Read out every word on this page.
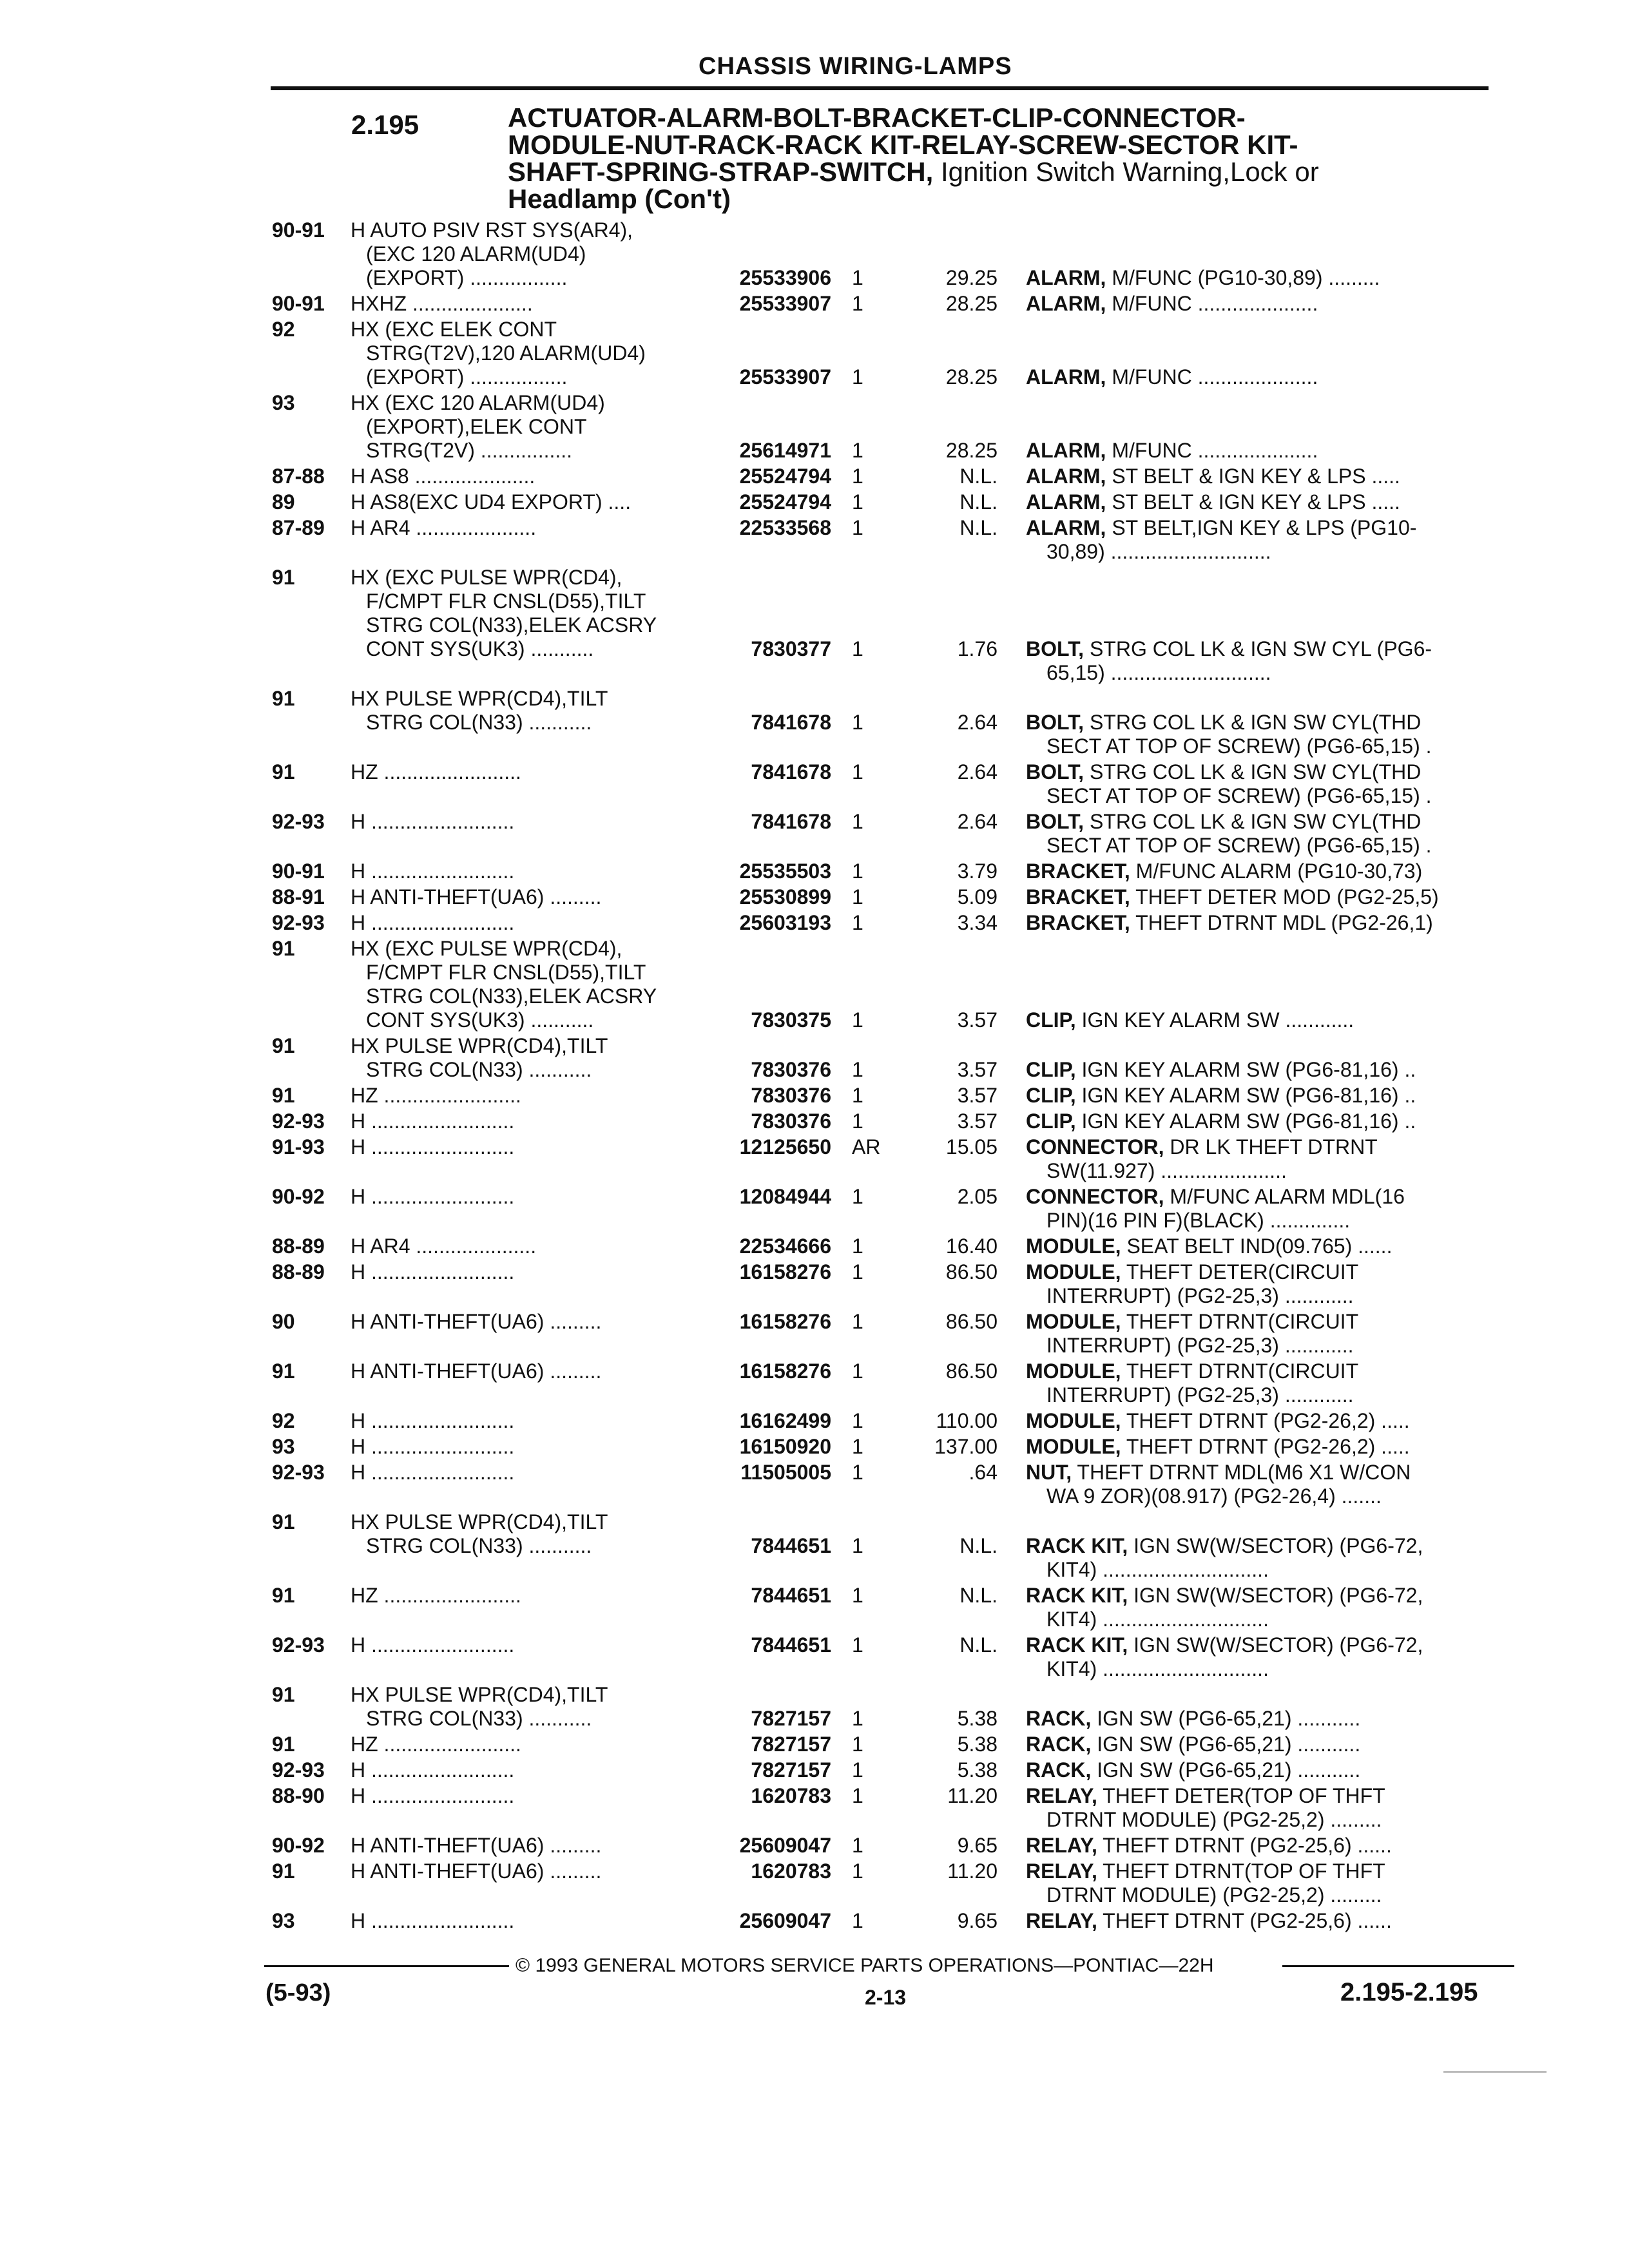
CHASSIS WIRING-LAMPS
2.195	ACTUATOR-ALARM-BOLT-BRACKET-CLIP-CONNECTOR-
MODULE-NUT-RACK-RACK KIT-RELAY-SCREW-SECTOR KIT-
SHAFT-SPRING-STRAP-SWITCH, Ignition Switch Warning,Lock or
Headlamp (Con't)
90-91 H AUTO PSIV RST SYS(AR4),
(EXC 120 ALARM(UD4)
(EXPORT) .................	25533906 1	29.25 ALARM, M/FUNC (PG10-30,89) .........
90-91 HXHZ .....................	25533907 1	28.25 ALARM, M/FUNC .....................
92	HX (EXC ELEK CONT
STRG(T2V),120 ALARM(UD4)
(EXPORT) .................	25533907 1	28.25 ALARM, M/FUNC .....................
93	HX (EXC 120 ALARM(UD4)
(EXPORT),ELEK CONT
STRG(T2V) ................	25614971 1	28.25 ALARM, M/FUNC .....................
87-88 H AS8 .....................	25524794 1	N.L. ALARM, ST BELT & IGN KEY & LPS .....
89	H AS8(EXC UD4 EXPORT) ....	25524794 1	N.L. ALARM, ST BELT & IGN KEY & LPS .....
87-89 H AR4 .....................	22533568 1	N.L. ALARM, ST BELT,IGN KEY & LPS (PG10-
30,89) ............................
91	HX (EXC PULSE WPR(CD4),
F/CMPT FLR CNSL(D55),TILT
STRG COL(N33),ELEK ACSRY
CONT SYS(UK3) ...........	7830377 1	1.76 BOLT, STRG COL LK & IGN SW CYL (PG6-
65,15) ............................
91	HX PULSE WPR(CD4),TILT
STRG COL(N33) ...........	7841678 1	2.64 BOLT, STRG COL LK & IGN SW CYL(THD
SECT AT TOP OF SCREW) (PG6-65,15) .
91	HZ ........................	7841678 1	2.64 BOLT, STRG COL LK & IGN SW CYL(THD
SECT AT TOP OF SCREW) (PG6-65,15) .
92-93 H .........................	7841678 1	2.64 BOLT, STRG COL LK & IGN SW CYL(THD
SECT AT TOP OF SCREW) (PG6-65,15) .
90-91 H .........................	25535503 1	3.79 BRACKET, M/FUNC ALARM (PG10-30,73)
88-91 H ANTI-THEFT(UA6) .........	25530899 1	5.09 BRACKET, THEFT DETER MOD (PG2-25,5)
92-93 H .........................	25603193 1	3.34 BRACKET, THEFT DTRNT MDL (PG2-26,1)
91	HX (EXC PULSE WPR(CD4),
F/CMPT FLR CNSL(D55),TILT
STRG COL(N33),ELEK ACSRY
CONT SYS(UK3) ...........	7830375 1	3.57 CLIP, IGN KEY ALARM SW ............
91	HX PULSE WPR(CD4),TILT
STRG COL(N33) ...........	7830376 1	3.57 CLIP, IGN KEY ALARM SW (PG6-81,16) ..
91	HZ ........................	7830376 1	3.57 CLIP, IGN KEY ALARM SW (PG6-81,16) ..
92-93 H .........................	7830376 1	3.57 CLIP, IGN KEY ALARM SW (PG6-81,16) ..
91-93 H .........................	12125650 AR	15.05 CONNECTOR, DR LK THEFT DTRNT
SW(11.927) ......................
90-92 H .........................	12084944 1	2.05 CONNECTOR, M/FUNC ALARM MDL(16
PIN)(16 PIN F)(BLACK) ..............
88-89 H AR4 .....................	22534666 1	16.40 MODULE, SEAT BELT IND(09.765) ......
88-89 H .........................	16158276 1	86.50 MODULE, THEFT DETER(CIRCUIT
INTERRUPT) (PG2-25,3) ............
90	H ANTI-THEFT(UA6) .........	16158276 1	86.50 MODULE, THEFT DTRNT(CIRCUIT
INTERRUPT) (PG2-25,3) ............
91	H ANTI-THEFT(UA6) .........	16158276 1	86.50 MODULE, THEFT DTRNT(CIRCUIT
INTERRUPT) (PG2-25,3) ............
92	H .........................	16162499 1	110.00 MODULE, THEFT DTRNT (PG2-26,2) .....
93	H .........................	16150920 1	137.00 MODULE, THEFT DTRNT (PG2-26,2) .....
92-93 H .........................	11505005 1	.64 NUT, THEFT DTRNT MDL(M6 X1 W/CON
WA 9 ZOR)(08.917) (PG2-26,4) .......
91	HX PULSE WPR(CD4),TILT
STRG COL(N33) ...........	7844651 1	N.L. RACK KIT, IGN SW(W/SECTOR) (PG6-72,
KIT4) .............................
91	HZ ........................	7844651 1	N.L. RACK KIT, IGN SW(W/SECTOR) (PG6-72,
KIT4) .............................
92-93 H .........................	7844651 1	N.L. RACK KIT, IGN SW(W/SECTOR) (PG6-72,
KIT4) .............................
91	HX PULSE WPR(CD4),TILT
STRG COL(N33) ...........	7827157 1	5.38 RACK, IGN SW (PG6-65,21) ...........
91	HZ ........................	7827157 1	5.38 RACK, IGN SW (PG6-65,21) ...........
92-93 H .........................	7827157 1	5.38 RACK, IGN SW (PG6-65,21) ...........
88-90 H .........................	1620783 1	11.20 RELAY, THEFT DETER(TOP OF THFT
DTRNT MODULE) (PG2-25,2) .........
90-92 H ANTI-THEFT(UA6) .........	25609047 1	9.65 RELAY, THEFT DTRNT (PG2-25,6) ......
91	H ANTI-THEFT(UA6) .........	1620783 1	11.20 RELAY, THEFT DTRNT(TOP OF THFT
DTRNT MODULE) (PG2-25,2) .........
93	H .........................	25609047 1	9.65 RELAY, THEFT DTRNT (PG2-25,6) ......
© 1993 GENERAL MOTORS SERVICE PARTS OPERATIONS—PONTIAC—22H
(5-93)	2-13	2.195-2.195
